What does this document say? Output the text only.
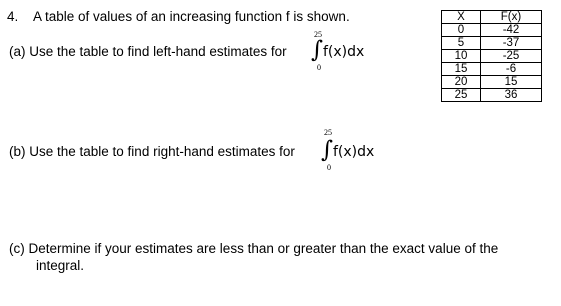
4. A table of values of an increasing function f is shown.
(a) Use the table to find left-hand estimates for
25
∫
0
f(x)dx
X	F(x)
0	-42
5	-37
10	-25
15	-6
20	15
25	36
(b) Use the table to find right-hand estimates for
25
∫
0
f(x)dx
(c) Determine if your estimates are less than or greater than the exact value of the
integral.
